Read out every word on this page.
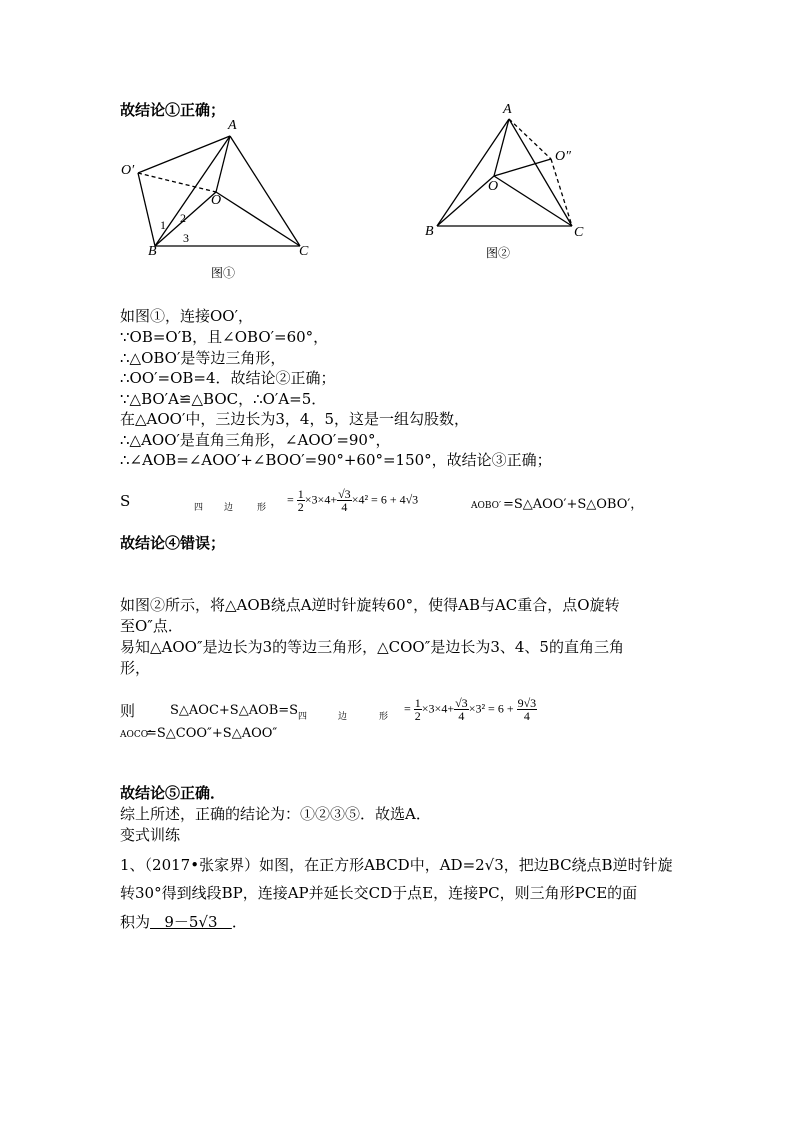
故结论①正确；
A
O
O′
B	C
1 2
3
图①
A
O
O″
B	C
图②
如图①，连接OO′，
∵OB=O′B，且∠OBO′=60°，
∴△OBO′是等边三角形，
∴OO′=OB=4．故结论②正确；
∵△BO′A≌△BOC，∴O′A=5．
在△AOO′中，三边长为3，4，5，这是一组勾股数，
∴△AOO′是直角三角形，∠AOO′=90°，
∴∠AOB=∠AOO′+∠BOO′=90°+60°=150°，故结论③正确；
S	四 边	形
= $\frac{1}{2} \times 3\times 4+ \frac{√3}{4} \times 4^2 = 6 + 4√3$	AOBO′ =S△AOO′+S△OBO′，
故结论④错误；
如图②所示，将△AOB绕点A逆时针旋转60°，使得AB与AC重合，点O旋转
至O″点．
易知△AOO″是边长为3的等边三角形，△COO″是边长为3、4、5的直角三角
形，
则	S△AOC+S△AOB=S 四	边	形
= $\frac{1}{2} \times 3\times 4+ \frac{√3}{4} \times 3^2 = 6 + \frac{9√3}{4}$
AOCO″
=S△COO″+S△AOO″
故结论⑤正确．
综上所述，正确的结论为：①②③⑤．故选A．
变式训练
1、（2017•张家界）如图，在正方形ABCD中，AD=2√3，把边BC绕点B逆时针旋
转30°得到线段BP，连接AP并延长交CD于点E，连接PC，则三角形PCE的面
积为   9－5√3   ．
